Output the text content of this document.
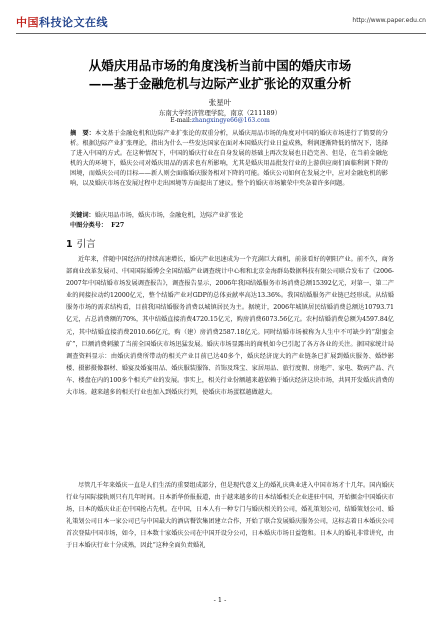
中国科技论文在线	http://www.paper.edu.cn
从婚庆用品市场的角度浅析当前中国的婚庆市场
——基于金融危机与边际产业扩张论的双重分析
张星叶
东南大学经济管理学院，南京（211189）
E-mail:zhangxingye66@163.com
摘　要：本文基于金融危机和边际产业扩张论的双重分析，从婚庆用品市场的角度对中国的婚庆市场进行了简要的分析。根据边际产业扩张理论，指出为什么一些发达国家在面对本国婚庆行业日益成熟，利润逐渐降低的情况下，选择了进入中国的方式。在这种情况下，中国的婚庆行业在自身发展的基础上再次发展也日趋完善、但是，在当前金融危机的大的环境下，婚庆公司对婚庆用品的需求也有所影响，尤其是婚庆用品批发行业的上游供应商们面临利润下降的困境，而婚庆公司的目标——新人则会面临婚庆服务相对下降的可能。婚庆公司如何在发展之中，应对金融危机的影响，以及婚庆市场在发展过程中走出困境等方面提出了建议。整个的婚庆市场繁荣中夹杂着许多问题。
关键词：婚庆用品市场，婚庆市场，金融危机，边际产业扩张论
中图分类号： F27
1 引言
近年来，伴随中国经济的持续高速增长，婚庆产业迅速成为一个充满巨大商机，前景看好的朝阳产业。前不久，商务部商业改革发展司、中国国际婚博会全国结婚产业调查统计中心和和北京金海群岛数据科技有限公司联合发布了《2006-2007年中国结婚市场发展调查报告》，调查报告显示，2006年我国结婚服务市场消费总额15392亿元，对第一、第二产业的间接拉动约12000亿元，整个结婚产业对GDP的总体贡献率高达13.36%。我国结婚服务产业链已经形成。从结婚服务市场的需求结构看，目前我国结婚服务消费以城镇居民为主。据统计，2006年城镇居民结婚消费总额达10793.71亿元，占总消费额的70%，其中结婚直接消费4720.15亿元，购房消费6073.56亿元。农村结婚消费总额为4597.84亿元，其中结婚直接消费2010.66亿元，购（建）房消费2587.18亿元。同时结婚市场被称为人生中不可缺少的“甜蜜金矿”，巨额消费刺激了当前全国婚庆市场迅猛发展。婚庆市场显露出的商机如今已引起了各方各业的关注。据国家统计局调查资料显示：由婚庆消费所带动的相关产业目前已达40多个，婚庆经济庞大的产业链条已扩展到婚庆服务、婚纱影楼、摄影摄像器材、婚宴及婚宴用品、婚庆服装服饰、首饰及珠宝、家居用品、旅行度假、房地产、家电、数码产品、汽车、楼盘在内的100多个相关产业的发展。事实上，相关行业份额越来越依赖于婚庆经济这块市场，共同开发婚庆消费的大市场。越来越多的相关行业也加入到婚庆行列，使婚庆市场蛋糕越做越大。
尽管几千年来婚庆一直是人们生活的重要组成部分，但是现代意义上的婚礼庆典业进入中国市场才十几年。国内婚庆行业与国际接轨则只有几年时间。日本新华侨报报道，由于越来越多的日本结婚相关企业进驻中国，开始掘金中国婚庆市场，日本的婚庆业正在中国抢占先机。在中国，日本人有一种专门与婚庆相关的公司，婚礼策划公司，结婚策划公司、婚礼策划公司日本一家公司已与中国最大的酒店餐饮集团建立合作，开始了联合发展婚庆服务公司，这标志着日本婚庆公司首次登陆中国市场，如今，日本数十家婚庆公司在中国开设分公司，日本婚庆市场日益饱和。日本人的婚礼非常讲究，由于日本婚庆行业十分成熟，因此“这种全面负责婚礼
- 1 -
